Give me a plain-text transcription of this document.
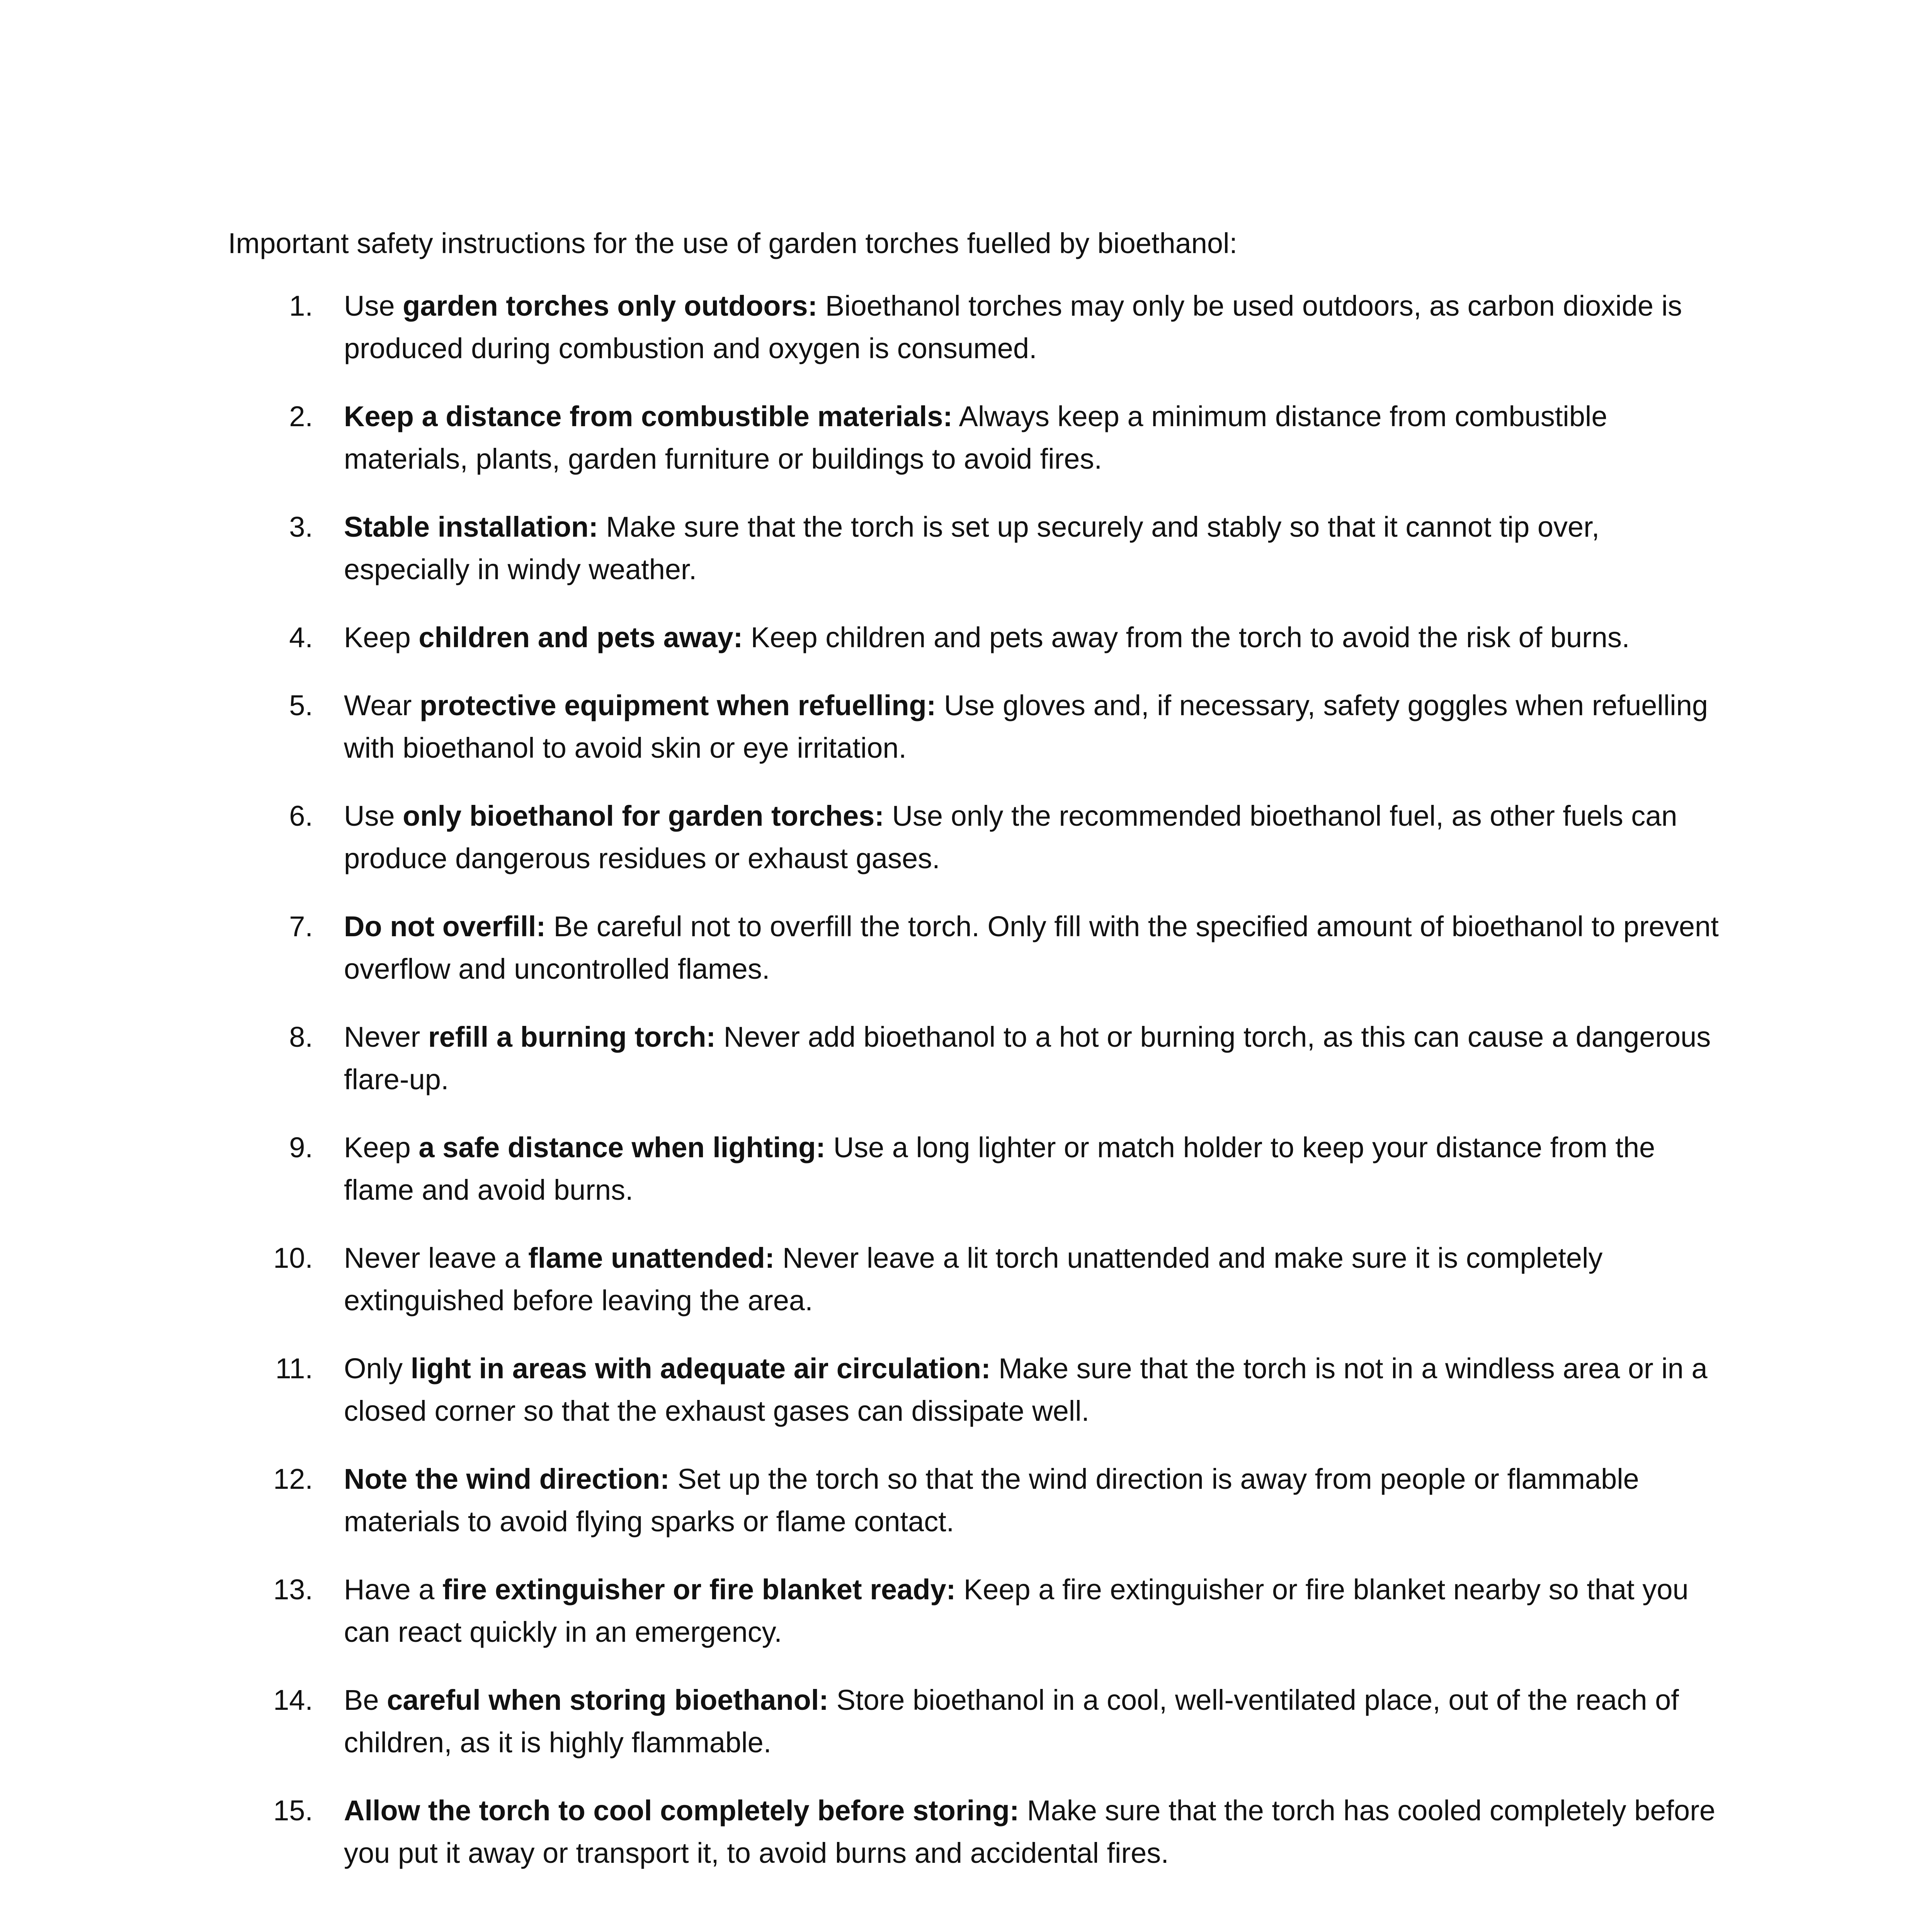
Important safety instructions for the use of garden torches fuelled by bioethanol:

1. Use garden torches only outdoors: Bioethanol torches may only be used outdoors, as carbon dioxide is produced during combustion and oxygen is consumed.
2. Keep a distance from combustible materials: Always keep a minimum distance from combustible materials, plants, garden furniture or buildings to avoid fires.
3. Stable installation: Make sure that the torch is set up securely and stably so that it cannot tip over, especially in windy weather.
4. Keep children and pets away: Keep children and pets away from the torch to avoid the risk of burns.
5. Wear protective equipment when refuelling: Use gloves and, if necessary, safety goggles when refuelling with bioethanol to avoid skin or eye irritation.
6. Use only bioethanol for garden torches: Use only the recommended bioethanol fuel, as other fuels can produce dangerous residues or exhaust gases.
7. Do not overfill: Be careful not to overfill the torch. Only fill with the specified amount of bioethanol to prevent overflow and uncontrolled flames.
8. Never refill a burning torch: Never add bioethanol to a hot or burning torch, as this can cause a dangerous flare-up.
9. Keep a safe distance when lighting: Use a long lighter or match holder to keep your distance from the flame and avoid burns.
10. Never leave a flame unattended: Never leave a lit torch unattended and make sure it is completely extinguished before leaving the area.
11. Only light in areas with adequate air circulation: Make sure that the torch is not in a windless area or in a closed corner so that the exhaust gases can dissipate well.
12. Note the wind direction: Set up the torch so that the wind direction is away from people or flammable materials to avoid flying sparks or flame contact.
13. Have a fire extinguisher or fire blanket ready: Keep a fire extinguisher or fire blanket nearby so that you can react quickly in an emergency.
14. Be careful when storing bioethanol: Store bioethanol in a cool, well-ventilated place, out of the reach of children, as it is highly flammable.
15. Allow the torch to cool completely before storing: Make sure that the torch has cooled completely before you put it away or transport it, to avoid burns and accidental fires.
